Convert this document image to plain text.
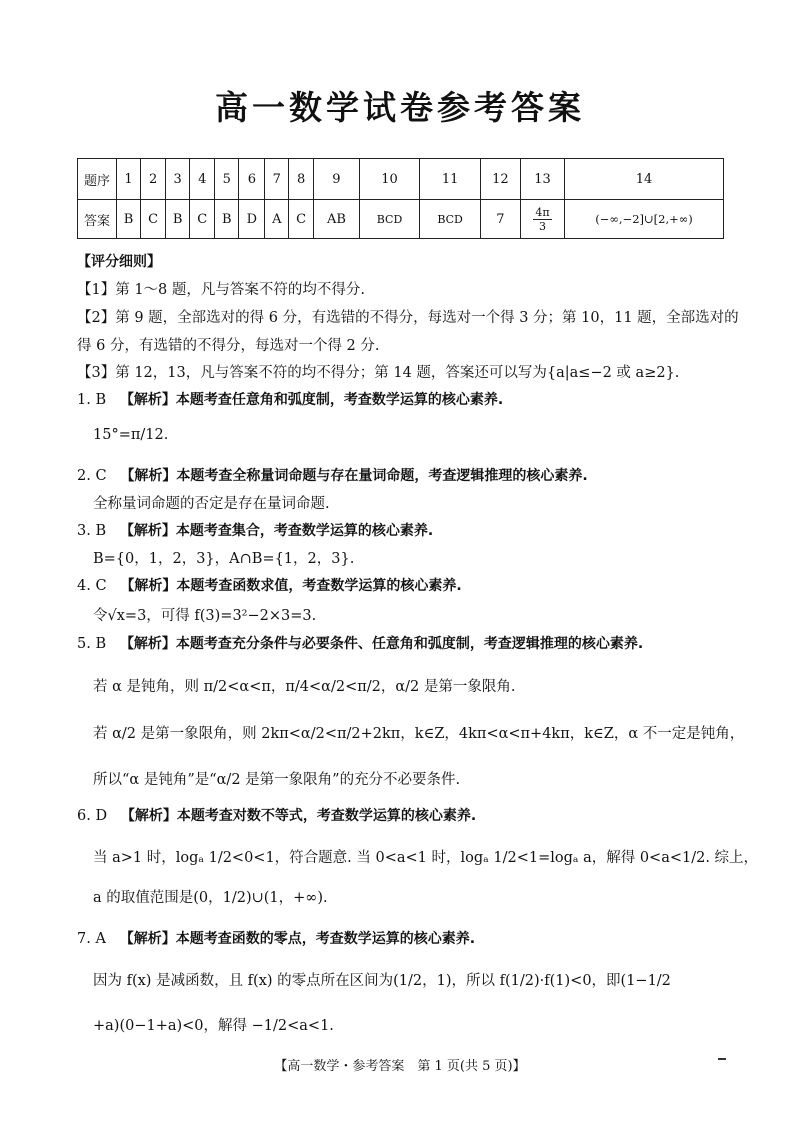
高一数学试卷参考答案
题序	1	2	3	4	5	6	7	8	9	10	11	12	13	14
答案	B	C	B	C	B	D	A	C	AB	BCD	BCD	7	$\frac{4\pi}{3}$	(−∞,−2]∪[2,+∞)
【评分细则】
【1】第 1～8 题，凡与答案不符的均不得分.
【2】第 9 题，全部选对的得 6 分，有选错的不得分，每选对一个得 3 分；第 10，11 题，全部选对的
得 6 分，有选错的不得分，每选对一个得 2 分.
【3】第 12，13，凡与答案不符的均不得分；第 14 题，答案还可以写为{a|a≤−2 或 a≥2}.
1. B 【解析】本题考查任意角和弧度制，考查数学运算的核心素养.
15°=π/12.
2. C 【解析】本题考查全称量词命题与存在量词命题，考查逻辑推理的核心素养.
全称量词命题的否定是存在量词命题.
3. B 【解析】本题考查集合，考查数学运算的核心素养.
B={0，1，2，3}，A∩B={1，2，3}.
4. C 【解析】本题考查函数求值，考查数学运算的核心素养.
令√x=3，可得 f(3)=3²−2×3=3.
5. B 【解析】本题考查充分条件与必要条件、任意角和弧度制，考查逻辑推理的核心素养.
若 α 是钝角，则 π/2<α<π，π/4<α/2<π/2，α/2 是第一象限角.
若 α/2 是第一象限角，则 2kπ<α/2<π/2+2kπ，k∈Z，4kπ<α<π+4kπ，k∈Z，α 不一定是钝角，
所以“α 是钝角”是“α/2 是第一象限角”的充分不必要条件.
6. D 【解析】本题考查对数不等式，考查数学运算的核心素养.
当 a>1 时，logₐ 1/2<0<1，符合题意. 当 0<a<1 时，logₐ 1/2<1=logₐ a，解得 0<a<1/2. 综上，
a 的取值范围是(0，1/2)∪(1，+∞).
7. A 【解析】本题考查函数的零点，考查数学运算的核心素养.
因为 f(x) 是减函数，且 f(x) 的零点所在区间为(1/2，1)，所以 f(1/2)·f(1)<0，即(1−1/2
+a)(0−1+a)<0，解得 −1/2<a<1.
【高一数学・参考答案　第 1 页(共 5 页)】
